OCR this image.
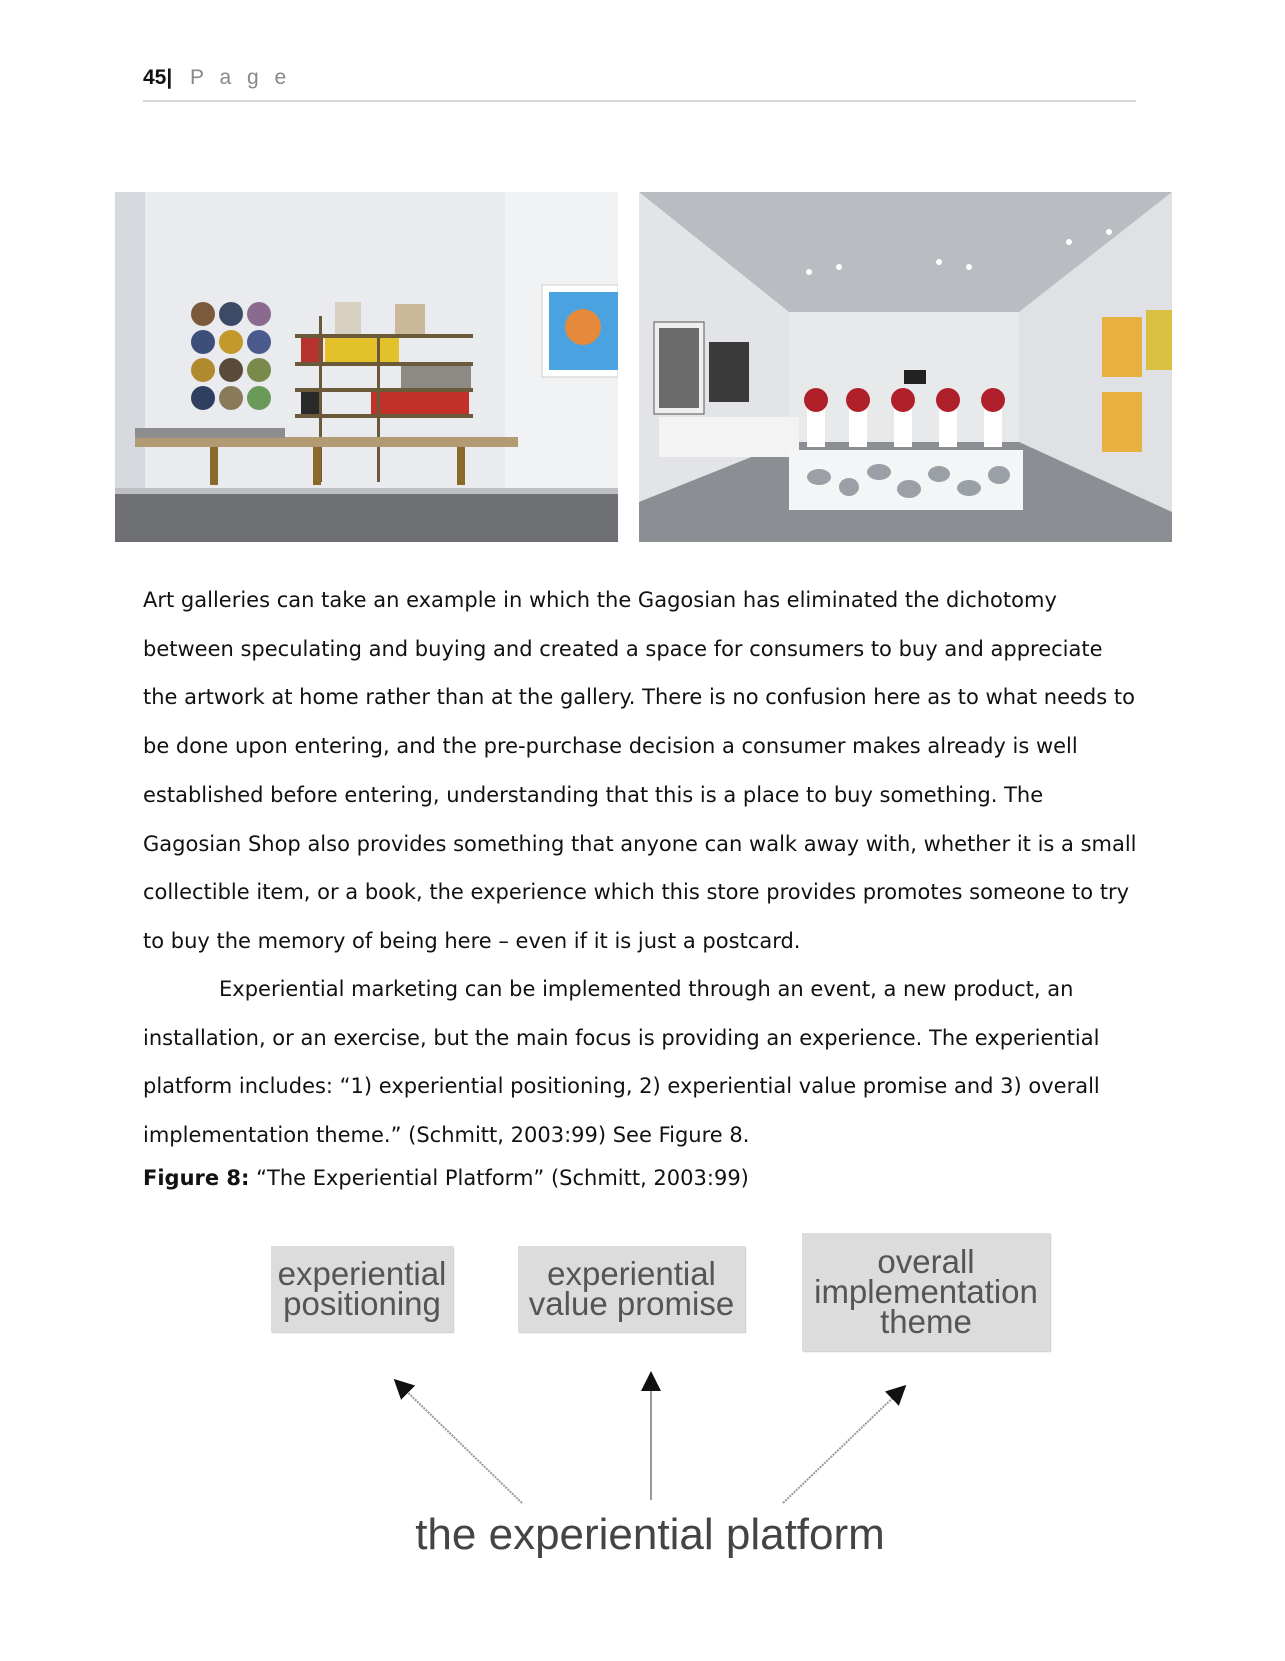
45| P a g e

Art galleries can take an example in which the Gagosian has eliminated the dichotomy between speculating and buying and created a space for consumers to buy and appreciate the artwork at home rather than at the gallery. There is no confusion here as to what needs to be done upon entering, and the pre-purchase decision a consumer makes already is well established before entering, understanding that this is a place to buy something. The Gagosian Shop also provides something that anyone can walk away with, whether it is a small collectible item, or a book, the experience which this store provides promotes someone to try to buy the memory of being here – even if it is just a postcard.

Experiential marketing can be implemented through an event, a new product, an installation, or an exercise, but the main focus is providing an experience. The experiential platform includes: “1) experiential positioning, 2) experiential value promise and 3) overall implementation theme.” (Schmitt, 2003:99) See Figure 8.

Figure 8: “The Experiential Platform” (Schmitt, 2003:99)
experiential
positioning
experiential
value promise
overall
implementation
theme
the experiential platform
